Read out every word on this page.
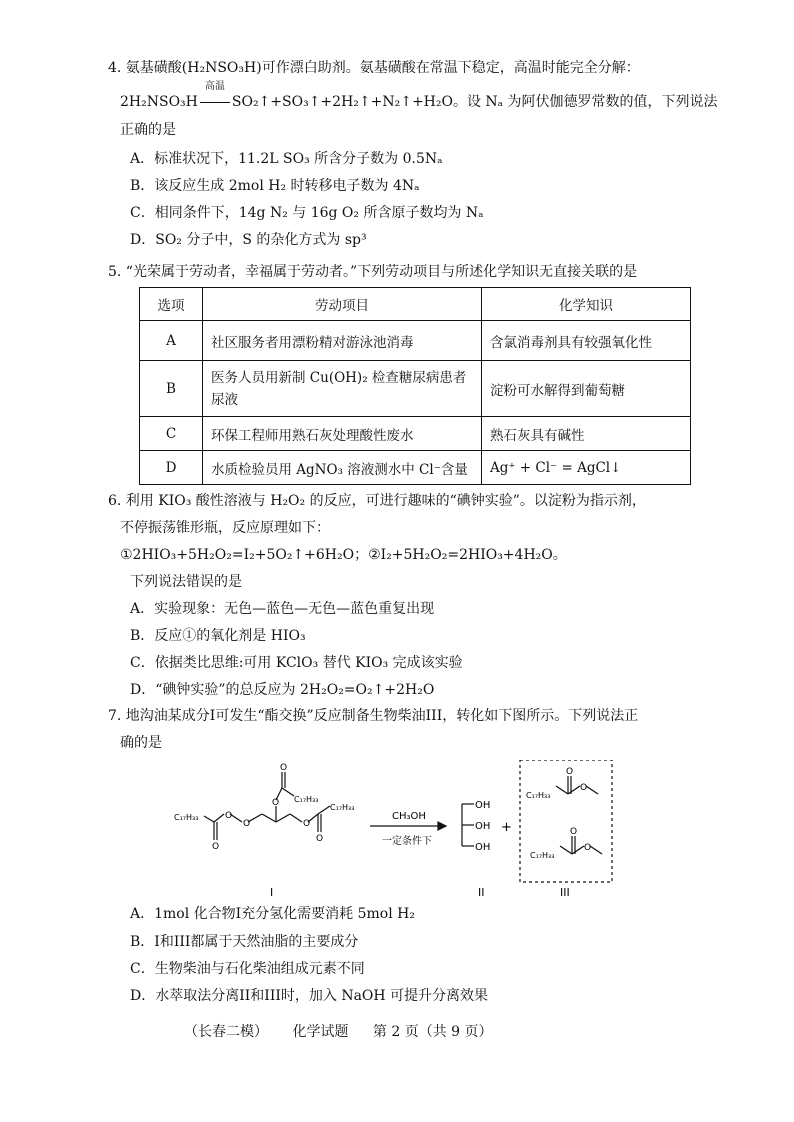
4. 氨基磺酸(H₂NSO₃H)可作漂白助剂。氨基磺酸在常温下稳定，高温时能完全分解：
2H₂NSO₃H
高温
SO₂↑+SO₃↑+2H₂↑+N₂↑+H₂O。设 Nₐ 为阿伏伽德罗常数的值，下列说法
正确的是
A．标准状况下，11.2L SO₃ 所含分子数为 0.5Nₐ
B．该反应生成 2mol H₂ 时转移电子数为 4Nₐ
C．相同条件下，14g N₂ 与 16g O₂ 所含原子数均为 Nₐ
D．SO₂ 分子中，S 的杂化方式为 sp³
5. “光荣属于劳动者，幸福属于劳动者。”下列劳动项目与所述化学知识无直接关联的是
选项	劳动项目	化学知识
A	社区服务者用漂粉精对游泳池消毒	含氯消毒剂具有较强氧化性
B	医务人员用新制 Cu(OH)₂ 检查糖尿病患者尿液	淀粉可水解得到葡萄糖
C	环保工程师用熟石灰处理酸性废水	熟石灰具有碱性
D	水质检验员用 AgNO₃ 溶液测水中 Cl⁻含量	Ag⁺ + Cl⁻ = AgCl↓
6. 利用 KIO₃ 酸性溶液与 H₂O₂ 的反应，可进行趣味的“碘钟实验”。以淀粉为指示剂，
不停振荡锥形瓶，反应原理如下：
①2HIO₃+5H₂O₂=I₂+5O₂↑+6H₂O；②I₂+5H₂O₂=2HIO₃+4H₂O。
下列说法错误的是
A．实验现象：无色—蓝色—无色—蓝色重复出现
B．反应①的氧化剂是 HIO₃
C．依据类比思维:可用 KClO₃ 替代 KIO₃ 完成该实验
D．“碘钟实验”的总反应为 2H₂O₂=O₂↑+2H₂O
7. 地沟油某成分I可发生“酯交换”反应制备生物柴油III，转化如下图所示。下列说法正
确的是
O
O
O
O
O
O
O
C₁₇H₃₃
C₁₇H₃₃
C₁₇H₃₃
CH₃OH
一定条件下
OH
OH
OH
+
O
O
O
O
C₁₇H₃₃
C₁₇H₃₃
I	II	III
A．1mol 化合物I充分氢化需要消耗 5mol H₂
B．I和III都属于天然油脂的主要成分
C．生物柴油与石化柴油组成元素不同
D．水萃取法分离II和III时，加入 NaOH 可提升分离效果
（长春二模） 化学试题 第 2 页（共 9 页）
